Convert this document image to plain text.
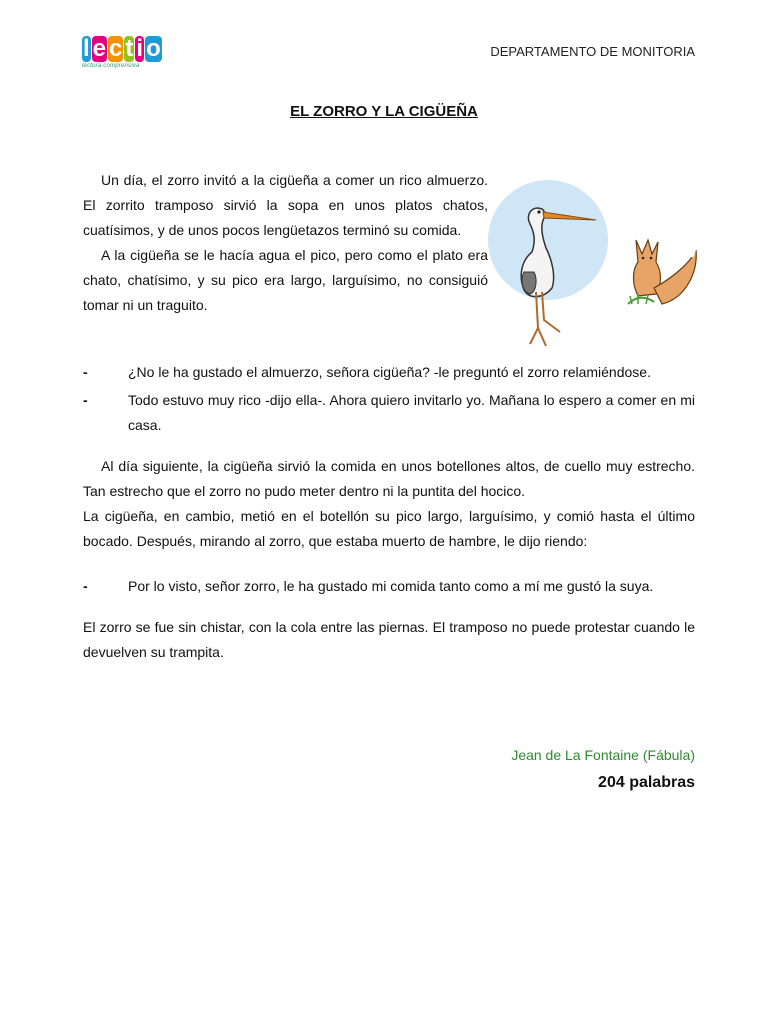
l e c t i o
lectura comprensiva
DEPARTAMENTO DE MONITORIA
EL ZORRO Y LA CIGÜEÑA

Un día, el zorro invitó a la cigüeña a comer un rico almuerzo. El zorrito tramposo sirvió la sopa en unos platos chatos, cuatísimos, y de unos pocos lengüetazos terminó su comida.

A la cigüeña se le hacía agua el pico, pero como el plato era chato, chatísimo, y su pico era largo, larguísimo, no consiguió tomar ni un traguito.

-	¿No le ha gustado el almuerzo, señora cigüeña? -le preguntó el zorro relamiéndose.
-	Todo estuvo muy rico -dijo ella-. Ahora quiero invitarlo yo. Mañana lo espero a comer en mi casa.

Al día siguiente, la cigüeña sirvió la comida en unos botellones altos, de cuello muy estrecho. Tan estrecho que el zorro no pudo meter dentro ni la puntita del hocico.

La cigüeña, en cambio, metió en el botellón su pico largo, larguísimo, y comió hasta el último bocado. Después, mirando al zorro, que estaba muerto de hambre, le dijo riendo:

-	Por lo visto, señor zorro, le ha gustado mi comida tanto como a mí me gustó la suya.

El zorro se fue sin chistar, con la cola entre las piernas. El tramposo no puede protestar cuando le devuelven su trampita.

Jean de La Fontaine (Fábula)
204 palabras
